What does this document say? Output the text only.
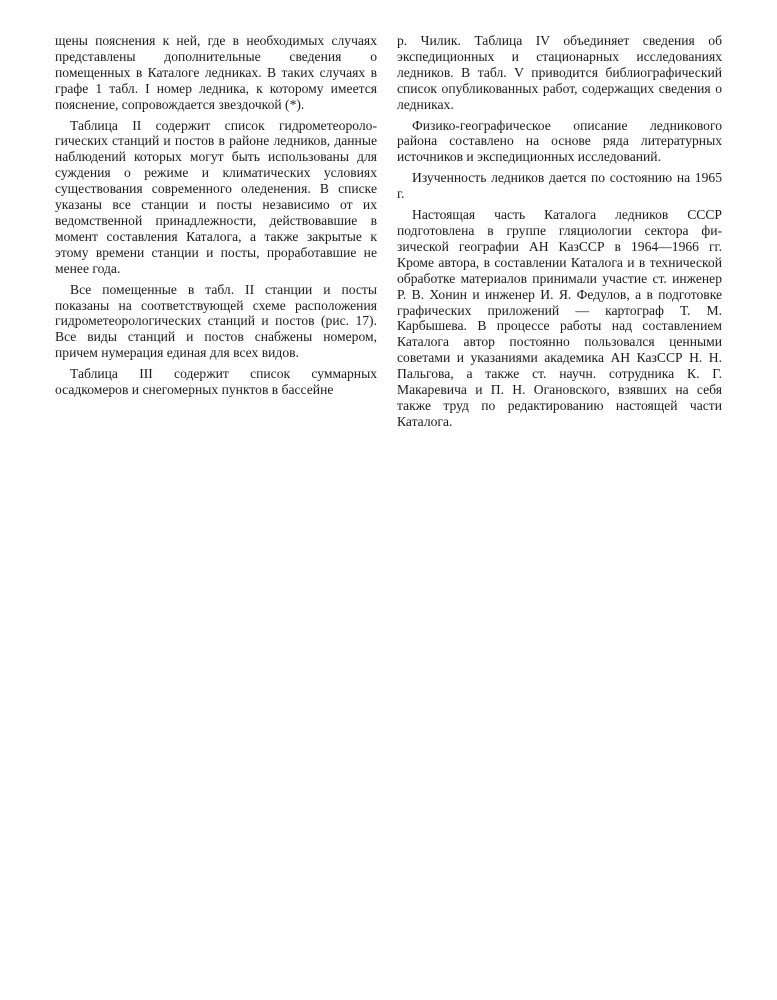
щены пояснения к ней, где в необходимых случаях представлены дополнительные сведения о помещенных в Каталоге ледниках. В таких случаях в графе 1 табл. I номер ледника, к которому имеется пояснение, сопровождается звездочкой (*).

Таблица II содержит список гидрометеорологических станций и постов в районе ледников, данные наблюдений которых могут быть использованы для суждения о режиме и климатических условиях существования современного оледенения. В списке указаны все станции и посты независимо от их ведомственной принадлежности, действовавшие в момент составления Каталога, а также закрытые к этому времени станции и посты, проработавшие не менее года.

Все помещенные в табл. II станции и посты показаны на соответствующей схеме расположения гидрометеорологических станций и постов (рис. 17). Все виды станций и постов снабжены номером, причем нумерация единая для всех видов.

Таблица III содержит список суммарных осадкомеров и снегомерных пунктов в бассейне

р. Чилик. Таблица IV объединяет сведения об экспедиционных и стационарных исследованиях ледников. В табл. V приводится библиографический список опубликованных работ, содержащих сведения о ледниках.

Физико-географическое описание ледникового района составлено на основе ряда литературных источников и экспедиционных исследований.

Изученность ледников дается по состоянию на 1965 г.

Настоящая часть Каталога ледников СССР подготовлена в группе гляциологии сектора физической географии АН КазССР в 1964—1966 гг. Кроме автора, в составлении Каталога и в технической обработке материалов принимали участие ст. инженер Р. В. Хонин и инженер И. Я. Федулов, а в подготовке графических приложений — картограф Т. М. Карбышева. В процессе работы над составлением Каталога автор постоянно пользовался ценными советами и указаниями академика АН КазССР Н. Н. Пальгова, а также ст. научн. сотрудника К. Г. Макаревича и П. Н. Огановского, взявших на себя также труд по редактированию настоящей части Каталога.
